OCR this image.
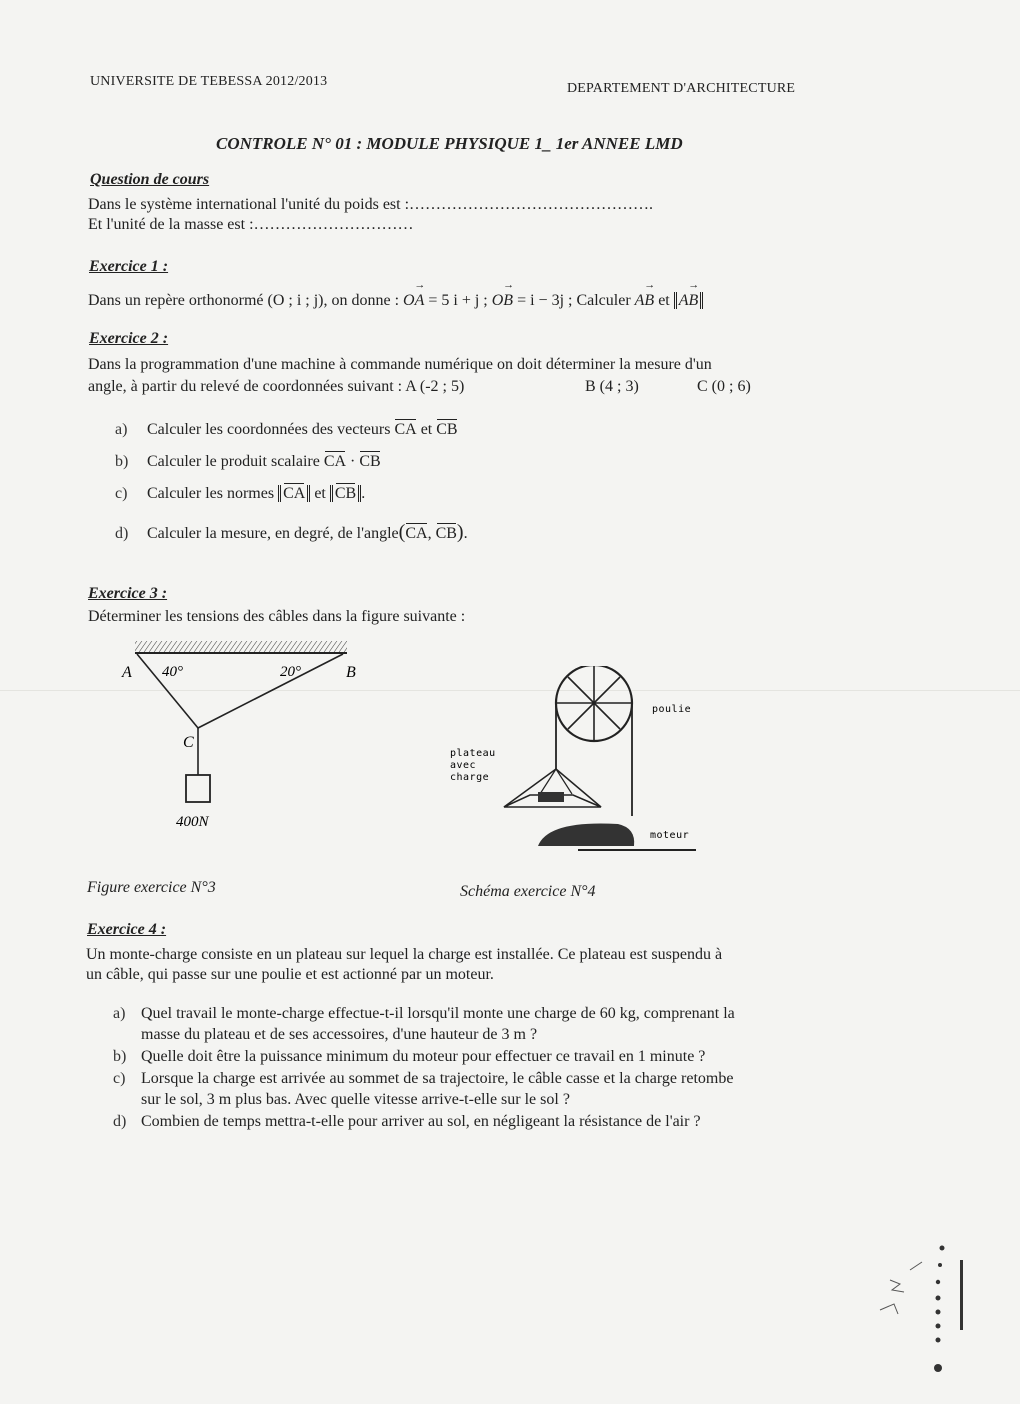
UNIVERSITE DE TEBESSA 2012/2013	DEPARTEMENT D'ARCHITECTURE
CONTROLE N° 01 : MODULE PHYSIQUE 1_ 1er ANNEE LMD
Question de cours
Dans le système international l'unité du poids est :……………………………………….
Et l'unité de la masse est :…………………………
Exercice 1 :
Dans un repère orthonormé (O ; i ; j), on donne : → OA = 5 i + j ; → OB = i − 3j ; Calculer → AB et → AB
Exercice 2 :
Dans la programmation d'une machine à commande numérique on doit déterminer la mesure d'un
angle, à partir du relevé de coordonnées suivant : A (-2 ; 5)	B (4 ; 3)	C (0 ; 6)
a) Calculer les coordonnées des vecteurs CA et CB
b) Calculer le produit scalaire CA · CB
c) Calculer les normes CA et CB .
d) Calculer la mesure, en degré, de l'angle(CA, CB).
Exercice 3 :
Déterminer les tensions des câbles dans la figure suivante :
A	B
C
40°	20°
400N
poulie
plateau
avec
charge
moteur
Figure exercice N°3	Schéma exercice N°4
Exercice 4 :
Un monte-charge consiste en un plateau sur lequel la charge est installée. Ce plateau est suspendu à
un câble, qui passe sur une poulie et est actionné par un moteur.
a) Quel travail le monte-charge effectue-t-il lorsqu'il monte une charge de 60 kg, comprenant la
masse du plateau et de ses accessoires, d'une hauteur de 3 m ?
b) Quelle doit être la puissance minimum du moteur pour effectuer ce travail en 1 minute ?
c) Lorsque la charge est arrivée au sommet de sa trajectoire, le câble casse et la charge retombe
sur le sol, 3 m plus bas. Avec quelle vitesse arrive-t-elle sur le sol ?
d) Combien de temps mettra-t-elle pour arriver au sol, en négligeant la résistance de l'air ?
